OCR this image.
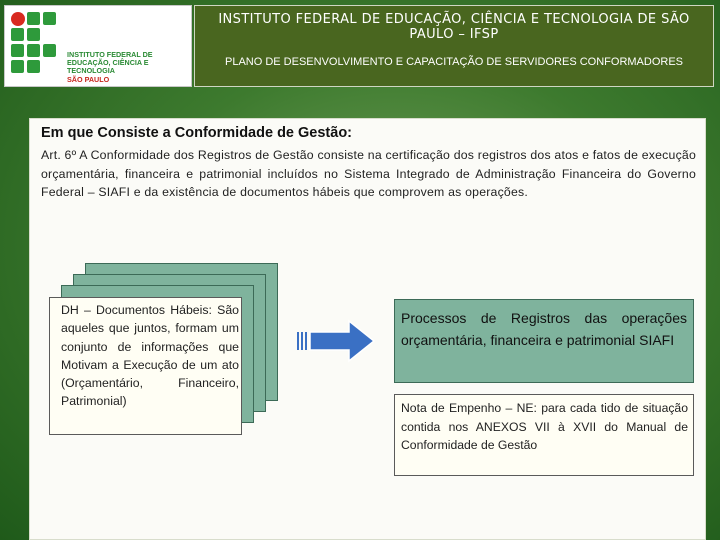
INSTITUTO FEDERAL DE
EDUCAÇÃO, CIÊNCIA E TECNOLOGIA
SÃO PAULO
INSTITUTO FEDERAL DE EDUCAÇÃO, CIÊNCIA E TECNOLOGIA DE SÃO PAULO – IFSP
PLANO DE DESENVOLVIMENTO E CAPACITAÇÃO DE SERVIDORES CONFORMADORES
Em que Consiste a Conformidade de Gestão:
Art. 6º A Conformidade dos Registros de Gestão consiste na certificação dos registros dos atos e fatos de execução orçamentária, financeira e patrimonial incluídos no Sistema Integrado de Administração Financeira do Governo Federal – SIAFI e da existência de documentos hábeis que comprovem as operações.
DH – Documentos Hábeis: São aqueles que juntos, formam um conjunto de informações que Motivam a Execução de um ato (Orçamentário, Financeiro, Patrimonial)
Processos de Registros das operações orçamentária, financeira e patrimonial SIAFI
Nota de Empenho – NE: para cada tido de situação contida nos ANEXOS VII à XVII do Manual de Conformidade de Gestão
